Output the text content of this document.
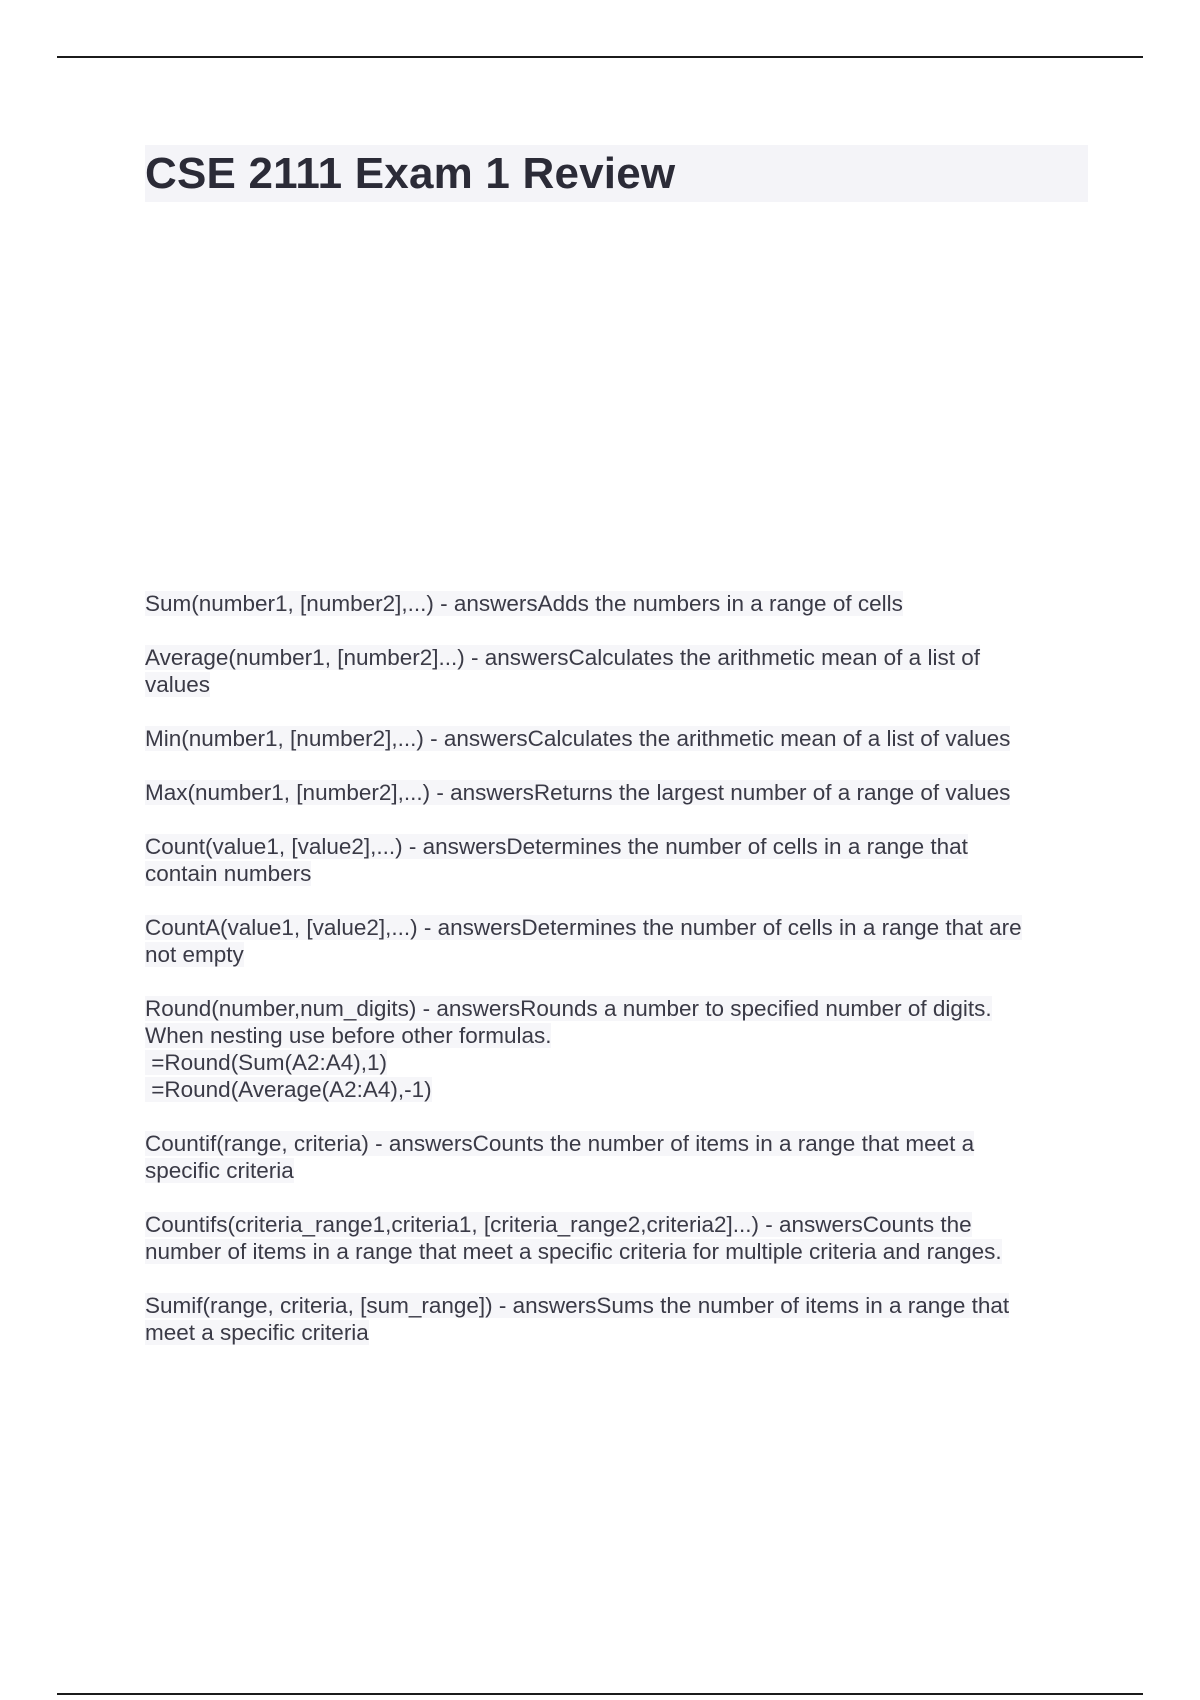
CSE 2111 Exam 1 Review
Sum(number1, [number2],...) - answersAdds the numbers in a range of cells
Average(number1, [number2]...) - answersCalculates the arithmetic mean of a list of
values
Min(number1, [number2],...) - answersCalculates the arithmetic mean of a list of values
Max(number1, [number2],...) - answersReturns the largest number of a range of values
Count(value1, [value2],...) - answersDetermines the number of cells in a range that
contain numbers
CountA(value1, [value2],...) - answersDetermines the number of cells in a range that are
not empty
Round(number,num_digits) - answersRounds a number to specified number of digits.
When nesting use before other formulas.
=Round(Sum(A2:A4),1)
=Round(Average(A2:A4),-1)
Countif(range, criteria) - answersCounts the number of items in a range that meet a
specific criteria
Countifs(criteria_range1,criteria1, [criteria_range2,criteria2]...) - answersCounts the
number of items in a range that meet a specific criteria for multiple criteria and ranges.
Sumif(range, criteria, [sum_range]) - answersSums the number of items in a range that
meet a specific criteria
